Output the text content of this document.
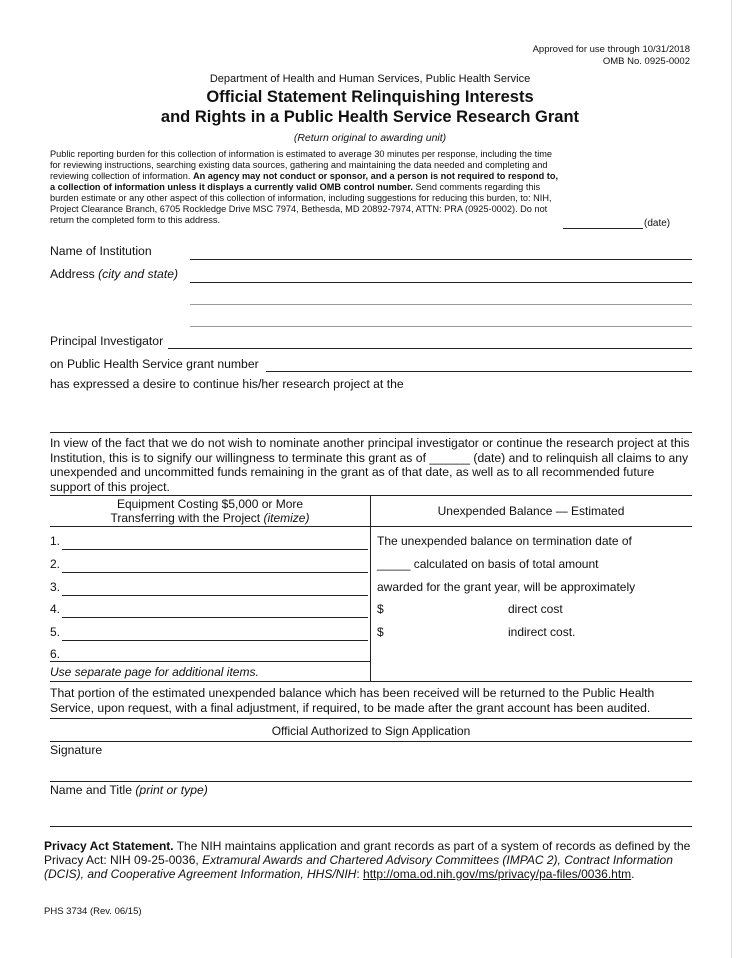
Approved for use through 10/31/2018
OMB No. 0925-0002
Department of Health and Human Services, Public Health Service
Official Statement Relinquishing Interests
and Rights in a Public Health Service Research Grant
(Return original to awarding unit)
Public reporting burden for this collection of information is estimated to average 30 minutes per response, including the time for reviewing instructions, searching existing data sources, gathering and maintaining the data needed and completing and reviewing collection of information. An agency may not conduct or sponsor, and a person is not required to respond to, a collection of information unless it displays a currently valid OMB control number. Send comments regarding this burden estimate or any other aspect of this collection of information, including suggestions for reducing this burden, to: NIH, Project Clearance Branch, 6705 Rockledge Drive MSC 7974, Bethesda, MD 20892-7974, ATTN: PRA (0925-0002). Do not return the completed form to this address.	(date)
Name of Institution
Address (city and state)
Principal Investigator
on Public Health Service grant number
has expressed a desire to continue his/her research project at the
In view of the fact that we do not wish to nominate another principal investigator or continue the research project at this Institution, this is to signify our willingness to terminate this grant as of ______ (date) and to relinquish all claims to any unexpended and uncommitted funds remaining in the grant as of that date, as well as to all recommended future support of this project.
Equipment Costing $5,000 or More
Transferring with the Project (itemize)	Unexpended Balance — Estimated
1.
2.
3.
4.
5.
6.
Use separate page for additional items.
The unexpended balance on termination date of
_____ calculated on basis of total amount
awarded for the grant year, will be approximately
$	direct cost
$	indirect cost.
That portion of the estimated unexpended balance which has been received will be returned to the Public Health Service, upon request, with a final adjustment, if required, to be made after the grant account has been audited.
Official Authorized to Sign Application
Signature
Name and Title (print or type)
Privacy Act Statement. The NIH maintains application and grant records as part of a system of records as defined by the Privacy Act: NIH 09-25-0036, Extramural Awards and Chartered Advisory Committees (IMPAC 2), Contract Information (DCIS), and Cooperative Agreement Information, HHS/NIH: http://oma.od.nih.gov/ms/privacy/pa-files/0036.htm.
PHS 3734 (Rev. 06/15)
